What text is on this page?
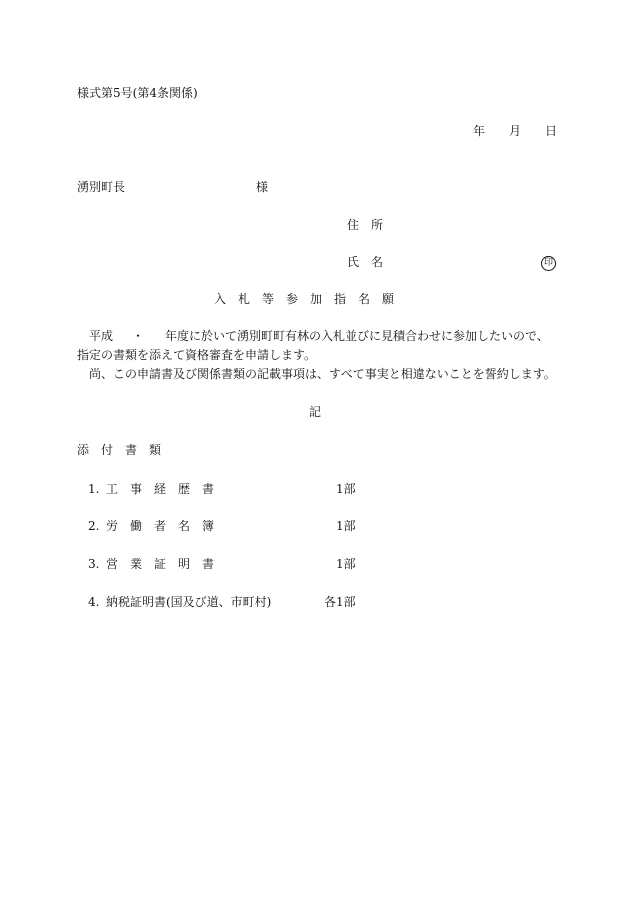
様式第5号(第4条関係)
年 月 日
湧別町長	様
住　所
氏　名	印
入　札　等　参　加　指　名　願

平成 ・ 年度に於いて湧別町町有林の入札並びに見積合わせに参加したいので、

指定の書類を添えて資格審査を申請します。

尚、この申請書及び関係書類の記載事項は、すべて事実と相違ないことを誓約します。

記
添　付　書　類
1. 工　事　経　歴　書	1部
2. 労　働　者　名　簿	1部
3. 営　業　証　明　書	1部
4. 納税証明書(国及び道、市町村)	各1部
